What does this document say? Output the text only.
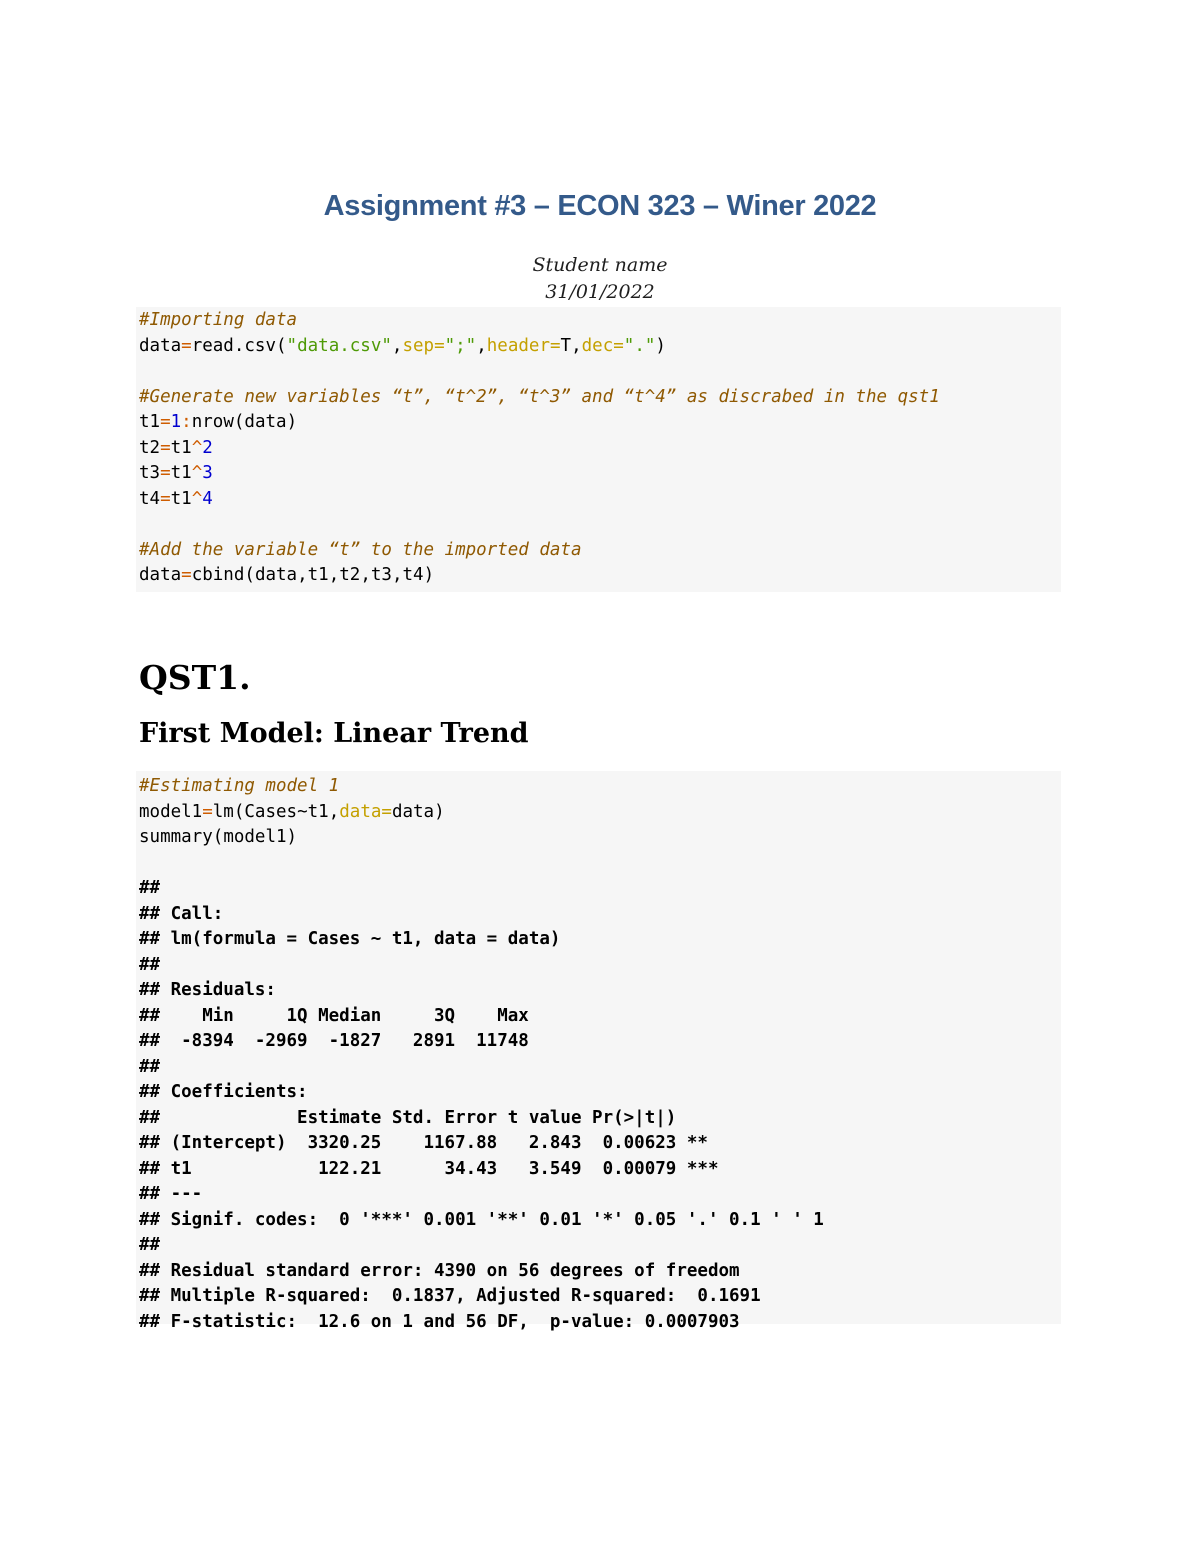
Assignment #3 – ECON 323 – Winer 2022
Student name
31/01/2022
#Importing data
data=read.csv("data.csv",sep=";",header=T,dec=".")

#Generate new variables “t”, “t^2”, “t^3” and “t^4” as discrabed in the qst1
t1=1:nrow(data)
t2=t1^2
t3=t1^3
t4=t1^4

#Add the variable “t” to the imported data
data=cbind(data,t1,t2,t3,t4)
QST1.
First Model: Linear Trend
#Estimating model 1
model1=lm(Cases~t1,data=data)
summary(model1)

##
## Call:
## lm(formula = Cases ~ t1, data = data)
##
## Residuals:
##    Min     1Q Median     3Q    Max
##  -8394  -2969  -1827   2891  11748
##
## Coefficients:
##             Estimate Std. Error t value Pr(>|t|)
## (Intercept)  3320.25    1167.88   2.843  0.00623 **
## t1            122.21      34.43   3.549  0.00079 ***
## ---
## Signif. codes:  0 '***' 0.001 '**' 0.01 '*' 0.05 '.' 0.1 ' ' 1
##
## Residual standard error: 4390 on 56 degrees of freedom
## Multiple R-squared:  0.1837, Adjusted R-squared:  0.1691
## F-statistic:  12.6 on 1 and 56 DF,  p-value: 0.0007903
